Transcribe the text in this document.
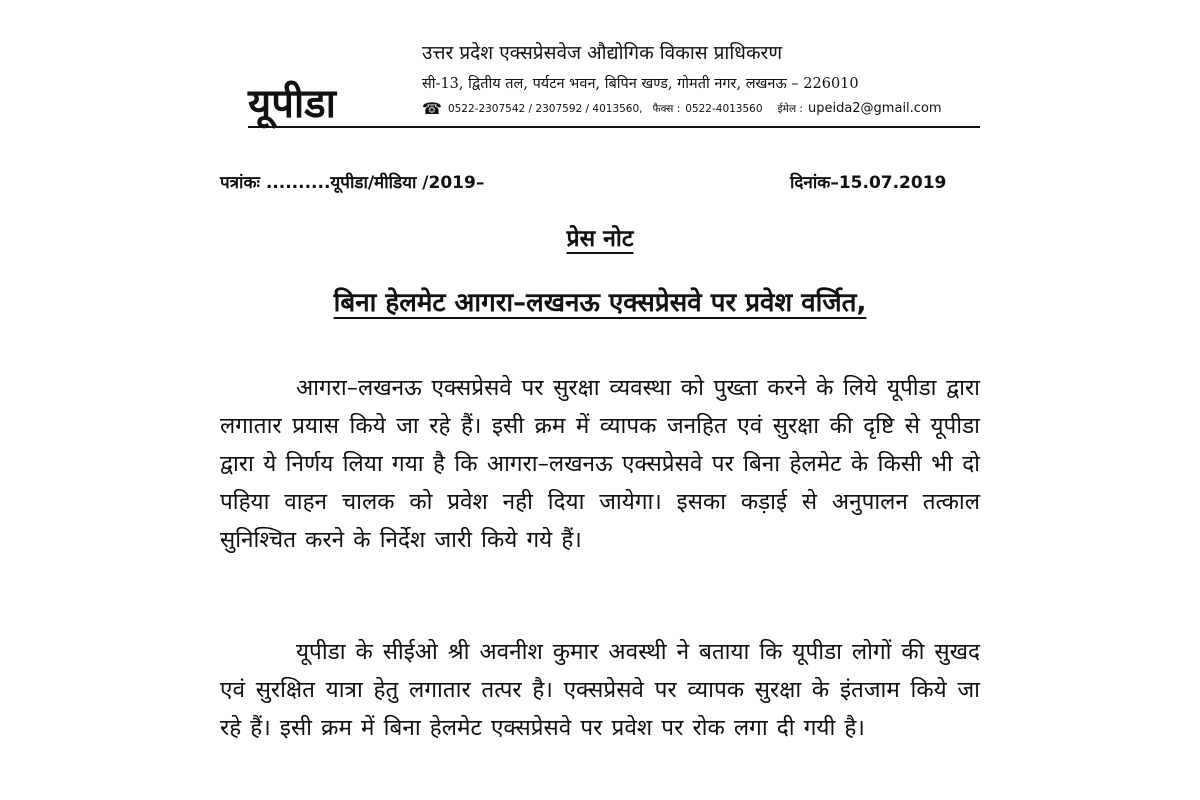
यूपीडा
उत्तर प्रदेश एक्सप्रेसवेज औद्योगिक विकास प्राधिकरण
सी-13, द्वितीय तल, पर्यटन भवन, बिपिन खण्ड, गोमती नगर, लखनऊ – 226010
☎ 0522-2307542 / 2307592 / 4013560, फैक्स : 0522-4013560 ईमेल : upeida2@gmail.com
पत्रांकः ..........यूपीडा/मीडिया /2019–	दिनांक–15.07.2019
प्रेस नोट
बिना हेलमेट आगरा–लखनऊ एक्सप्रेसवे पर प्रवेश वर्जित,

आगरा–लखनऊ एक्सप्रेसवे पर सुरक्षा व्यवस्था को पुख्ता करने के लिये यूपीडा द्वारा लगातार प्रयास किये जा रहे हैं। इसी क्रम में व्यापक जनहित एवं सुरक्षा की दृष्टि से यूपीडा द्वारा ये निर्णय लिया गया है कि आगरा–लखनऊ एक्सप्रेसवे पर बिना हेलमेट के किसी भी दो पहिया वाहन चालक को प्रवेश नही दिया जायेगा। इसका कड़ाई से अनुपालन तत्काल सुनिश्चित करने के निर्देश जारी किये गये हैं।

यूपीडा के सीईओ श्री अवनीश कुमार अवस्थी ने बताया कि यूपीडा लोगों की सुखद एवं सुरक्षित यात्रा हेतु लगातार तत्पर है। एक्सप्रेसवे पर व्यापक सुरक्षा के इंतजाम किये जा रहे हैं। इसी क्रम में बिना हेलमेट एक्सप्रेसवे पर प्रवेश पर रोक लगा दी गयी है।
